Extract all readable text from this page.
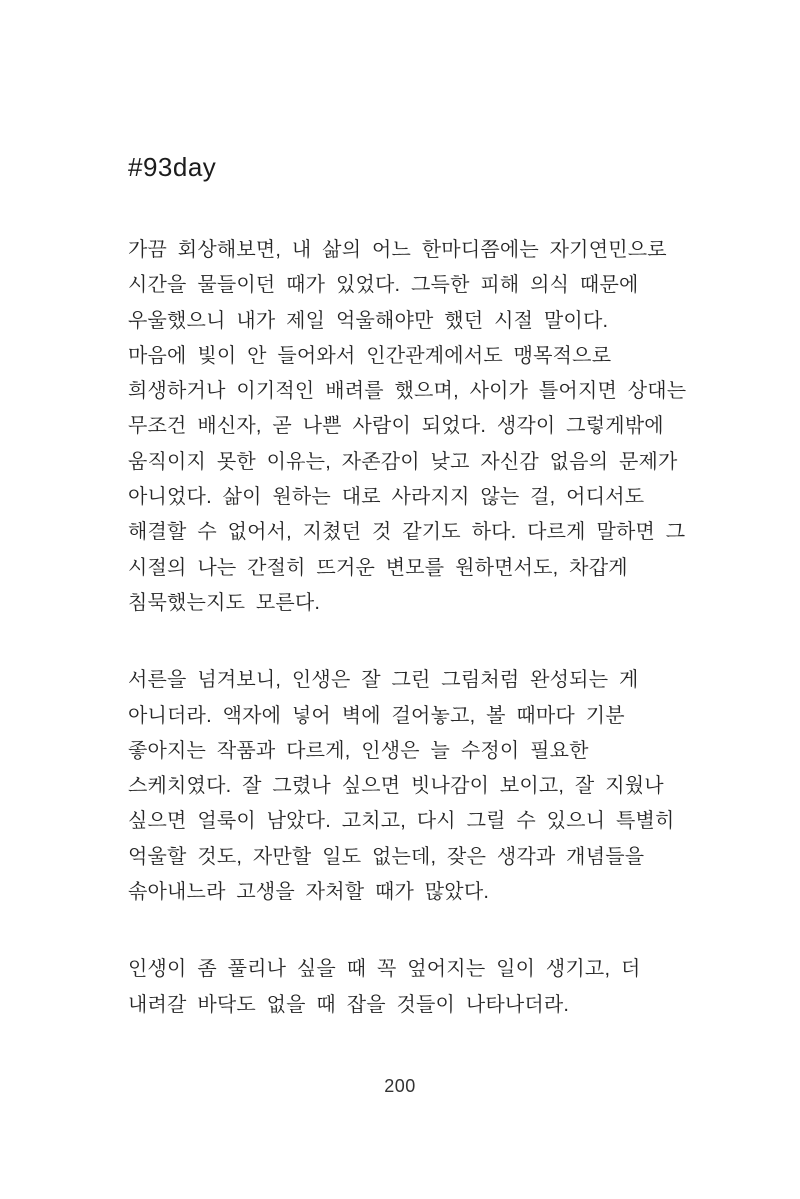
#93day

가끔 회상해보면, 내 삶의 어느 한마디쯤에는 자기연민으로
시간을 물들이던 때가 있었다. 그득한 피해 의식 때문에
우울했으니 내가 제일 억울해야만 했던 시절 말이다.
마음에 빛이 안 들어와서 인간관계에서도 맹목적으로
희생하거나 이기적인 배려를 했으며, 사이가 틀어지면 상대는
무조건 배신자, 곧 나쁜 사람이 되었다. 생각이 그렇게밖에
움직이지 못한 이유는, 자존감이 낮고 자신감 없음의 문제가
아니었다. 삶이 원하는 대로 사라지지 않는 걸, 어디서도
해결할 수 없어서, 지쳤던 것 같기도 하다. 다르게 말하면 그
시절의 나는 간절히 뜨거운 변모를 원하면서도, 차갑게
침묵했는지도 모른다.

서른을 넘겨보니, 인생은 잘 그린 그림처럼 완성되는 게
아니더라. 액자에 넣어 벽에 걸어놓고, 볼 때마다 기분
좋아지는 작품과 다르게, 인생은 늘 수정이 필요한
스케치였다. 잘 그렸나 싶으면 빗나감이 보이고, 잘 지웠나
싶으면 얼룩이 남았다. 고치고, 다시 그릴 수 있으니 특별히
억울할 것도, 자만할 일도 없는데, 잦은 생각과 개념들을
솎아내느라 고생을 자처할 때가 많았다.

인생이 좀 풀리나 싶을 때 꼭 엎어지는 일이 생기고, 더
내려갈 바닥도 없을 때 잡을 것들이 나타나더라.

200
